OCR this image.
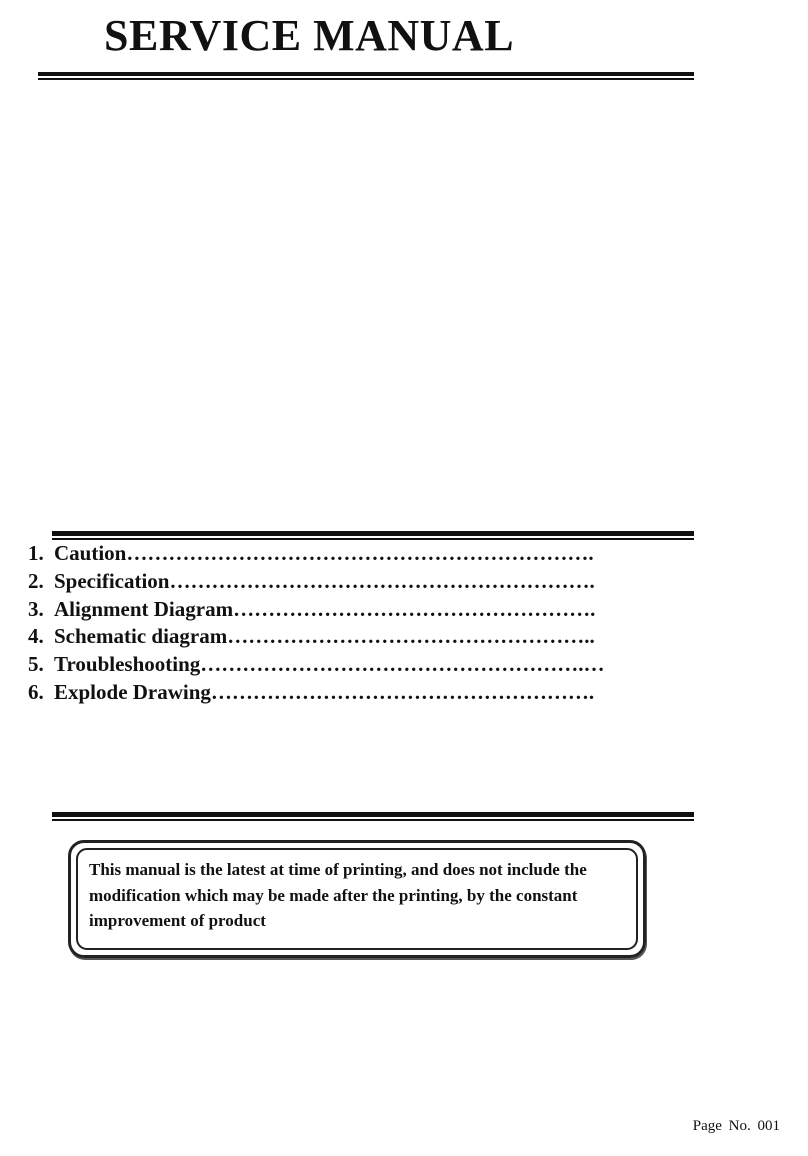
SERVICE MANUAL
1. Caution………………………………………………………….
2. Specification…………………………………………………….
3. Alignment Diagram…………………………………………….
4. Schematic diagram……………………………………………..
5. Troubleshooting……………………………………………….…
6. Explode Drawing……………………………………………….

This manual is the latest at time of printing, and does not include the modification which may be made after the printing, by the constant improvement of product

Page No. 001
